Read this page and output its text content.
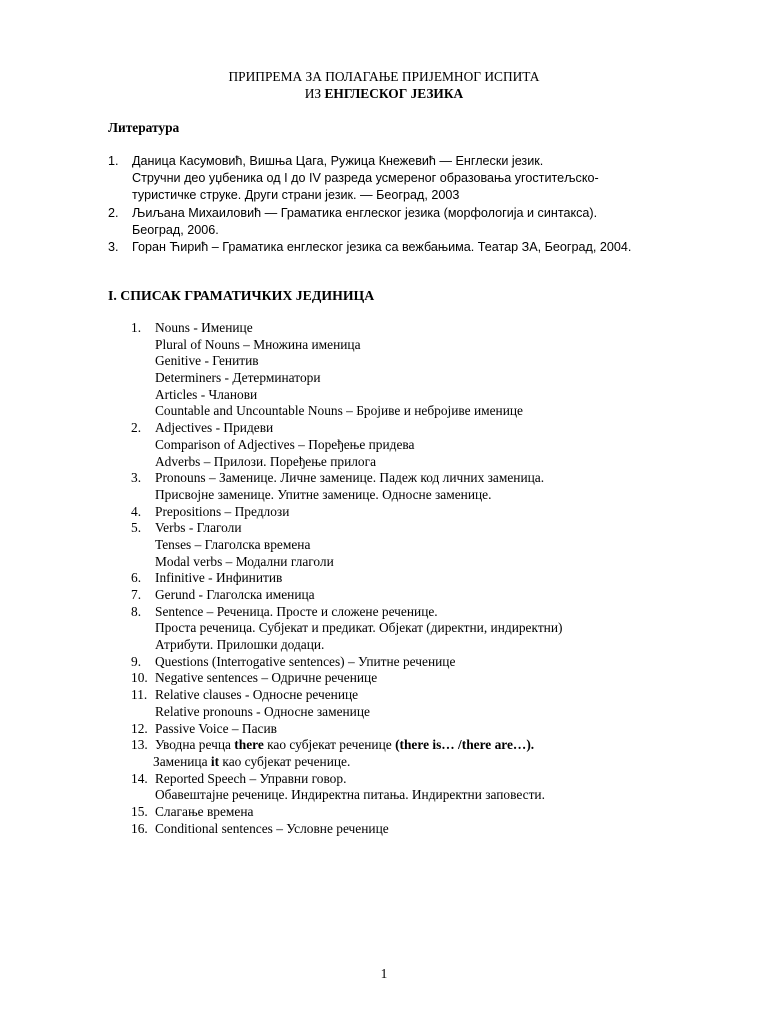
ПРИПРЕМА ЗА ПОЛАГАЊЕ ПРИЈЕМНОГ ИСПИТА
ИЗ ЕНГЛЕСКОГ ЈЕЗИКА
Литература
1. Даница Касумовић, Вишња Цага, Ружица Кнежевић — Енглески језик.
Стручни део уџбеника од I до IV разреда усмереног образовања угоститељско-
туристичке струке. Други страни језик. — Београд, 2003
2. Љиљана Михаиловић — Граматика енглеског језика (морфологија и синтакса).
Беoград, 2006.
3. Горан Ћирић – Граматика енглеског језика са вежбањима. Театар ЗА, Београд, 2004.
I. СПИСАК ГРАМАТИЧКИХ ЈЕДИНИЦА
1. Nouns - Именице
Plural of Nouns – Множина именица
Genitive - Генитив
Determiners - Детерминатори
Articles - Чланови
Countable and Uncountable Nouns – Бројиве и небројиве именице
2. Adjectives - Придеви
Comparison of Adjectives – Поређење придева
Adverbs – Прилози. Поређење прилога
3. Pronouns – Заменице. Личне заменице. Падеж код личних заменица.
Присвојне заменице. Упитне заменице. Односне заменице.
4. Prepositions – Предлози
5. Verbs - Глаголи
Tenses – Глаголска времена
Modal verbs – Модални глаголи
6. Infinitive - Инфинитив
7. Gerund - Глаголска именица
8. Sentence – Реченица. Просте и сложене реченице.
Проста реченица. Субјекат и предикат. Објекат (директни, индиректни)
Атрибути. Прилошки додаци.
9. Questions (Interrogative sentences) – Упитне реченице
10. Negative sentences – Одричне реченице
11. Relative clauses - Односне реченице
Relative pronouns - Односне заменице
12. Passive Voice – Пасив
13. Уводна речца there као субјекат реченице (there is… /there are…).
Заменица it као субјекат реченице.
14. Reported Speech – Управни говор.
Обавештајне реченице. Индиректна питања. Индиректни заповести.
15. Слагање времена
16. Conditional sentences – Условне реченице
1
